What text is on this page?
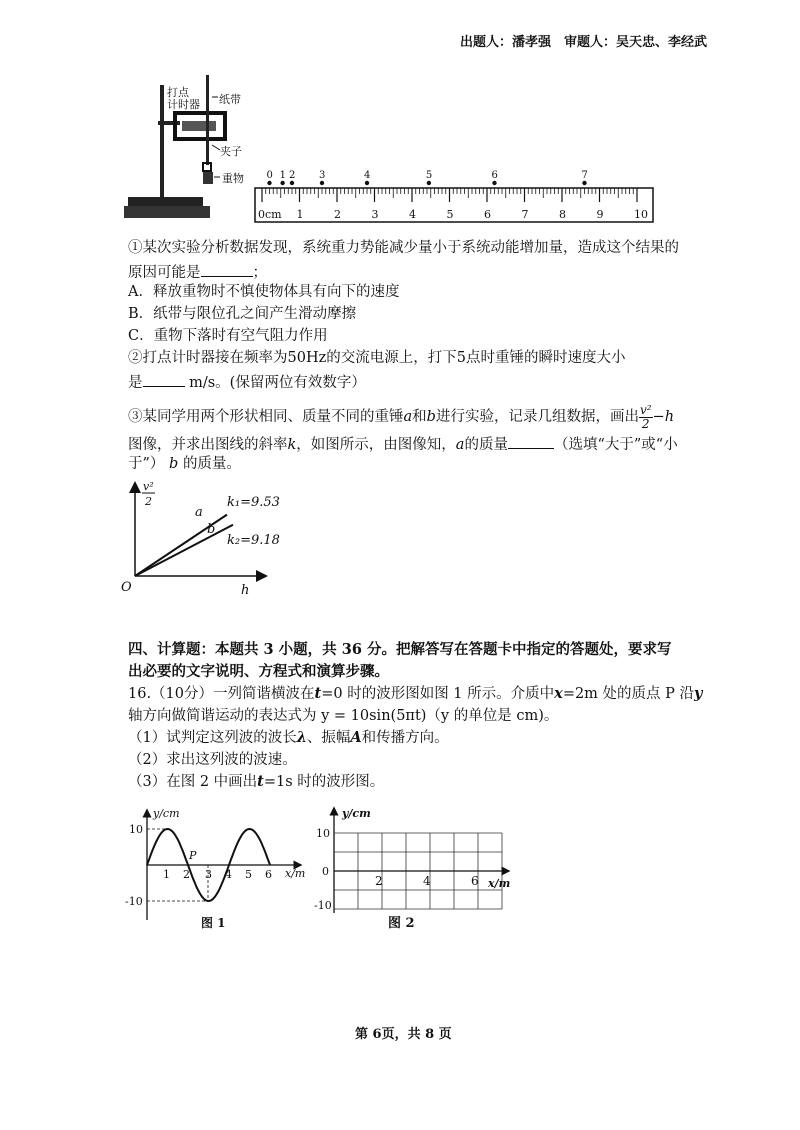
出题人：潘孝强　审题人：吴天忠、李经武
打点
计时器 纸带
夹子
重物 0 1 2 3	4	5	6	7
0cm 1	2	3	4	5	6	7	8	9	10
①某次实验分析数据发现，系统重力势能减少量小于系统动能增加量，造成这个结果的
原因可能是	；
A．释放重物时不慎使物体具有向下的速度
B．纸带与限位孔之间产生滑动摩擦
C．重物下落时有空气阻力作用
②打点计时器接在频率为50Hz的交流电源上，打下5点时重锤的瞬时速度大小
是	m/s。(保留两位有效数字）
③某同学用两个形状相同、质量不同的重锤a和b进行实验，记录几组数据，画出 $\frac{\text{v²}}{2} -h$
图像，并求出图线的斜率k，如图所示，由图像知，a的质量	（选填“大于”或“小
于”） b 的质量。
a
b
k₁=9.53
k₂=9.18
O	h
v²
2
四、计算题：本题共 3 小题，共 36 分。把解答写在答题卡中指定的答题处，要求写
出必要的文字说明、方程式和演算步骤。
16.（10分）一列简谐横波在t=0 时的波形图如图 1 所示。介质中x=2m 处的质点 P 沿y
轴方向做简谐运动的表达式为 y = 10sin(5πt)（y 的单位是 cm)。
（1）试判定这列波的波长λ、振幅A和传播方向。
（2）求出这列波的波速。
（3）在图 2 中画出t=1s 时的波形图。
y/cm
x/m
10
-10
1 2 3 4 5 6
P
图 1
y/cm
x/m
10
0
-10
2	4	6
图 2
第 6页，共 8 页
